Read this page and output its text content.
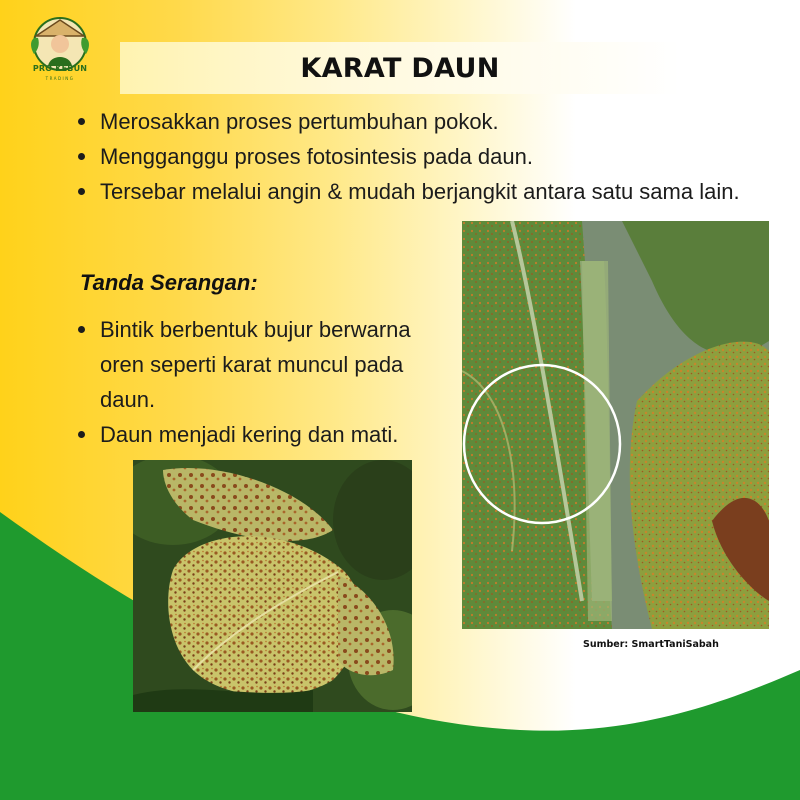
PRO KEBUN
TRADING	KARAT DAUN
Merosakkan proses pertumbuhan pokok.
Mengganggu proses fotosintesis pada daun.
Tersebar melalui angin & mudah berjangkit antara satu sama lain.
Tanda Serangan:
Bintik berbentuk bujur berwarna oren seperti karat muncul pada daun.
Daun menjadi kering dan mati.
Sumber: SmartTaniSabah
